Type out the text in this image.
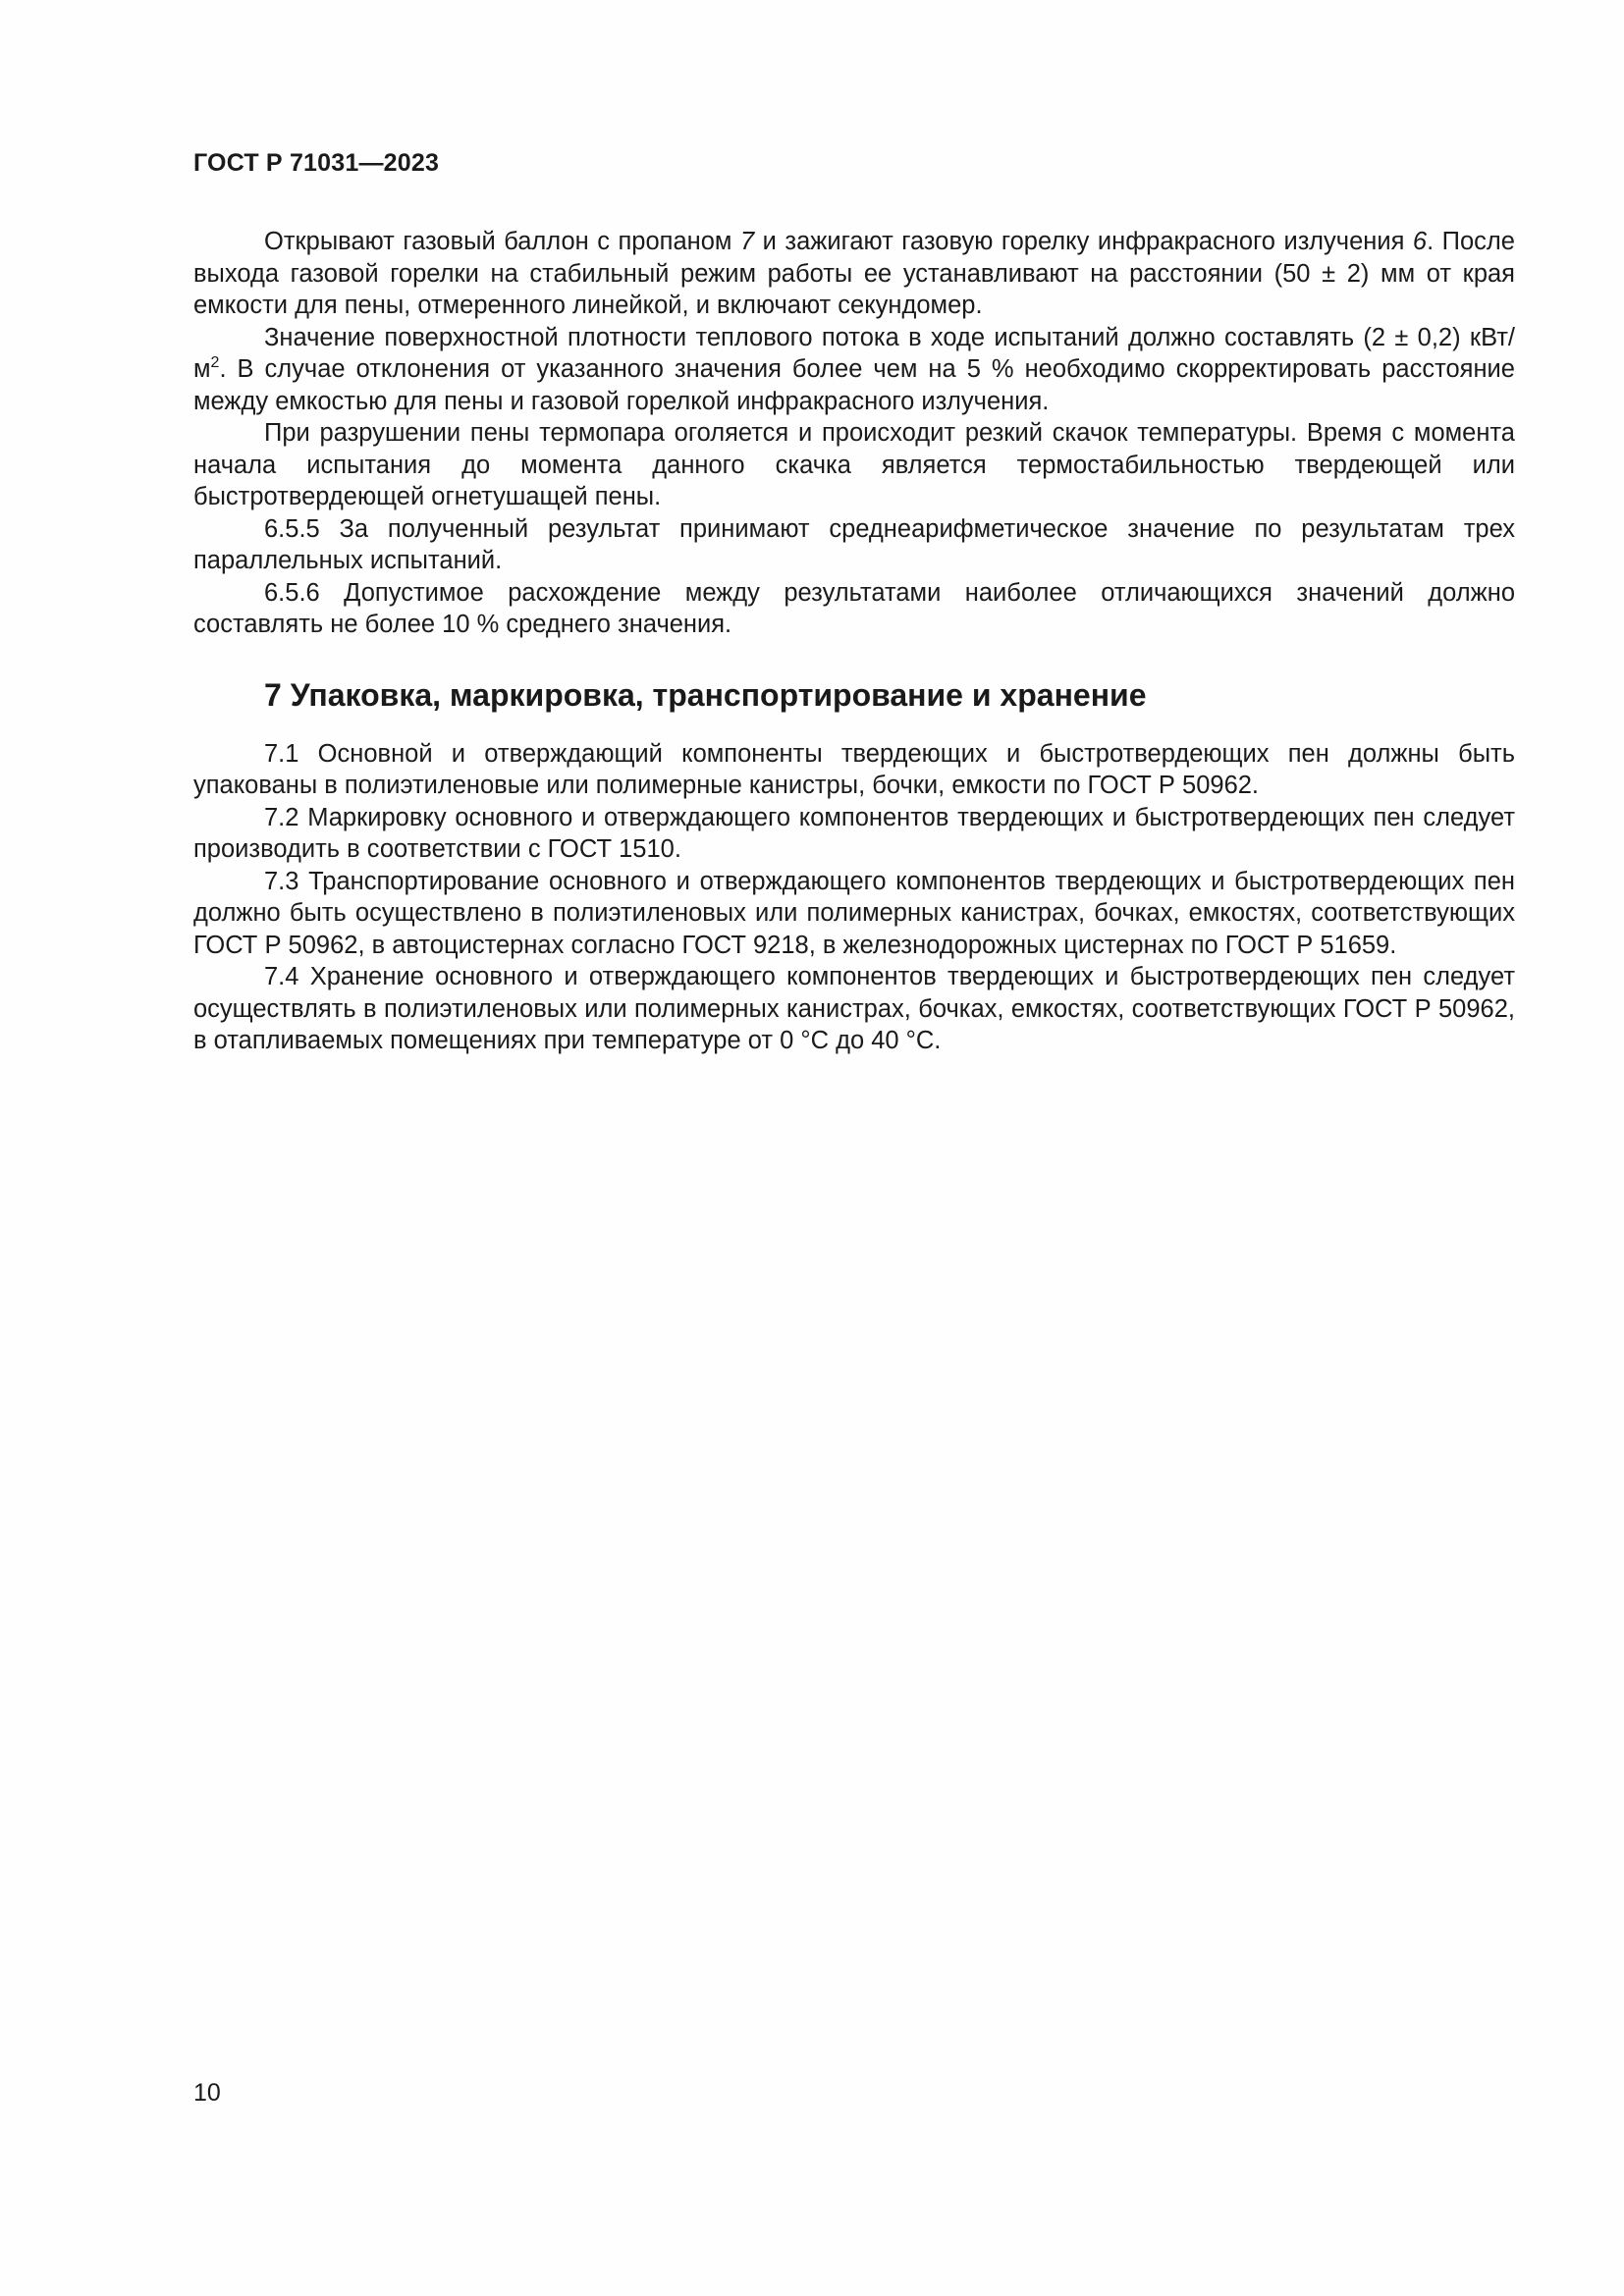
ГОСТ Р 71031—2023

Открывают газовый баллон с пропаном 7 и зажигают газовую горелку инфракрасного излучения 6. После выхода газовой горелки на стабильный режим работы ее устанавливают на расстоянии (50 ± 2) мм от края емкости для пены, отмеренного линейкой, и включают секундомер.

Значение поверхностной плотности теплового потока в ходе испытаний должно составлять (2 ± 0,2) кВт/$м^2$. В случае отклонения от указанного значения более чем на 5 % необходимо скорректировать расстояние между емкостью для пены и газовой горелкой инфракрасного излучения.

При разрушении пены термопара оголяется и происходит резкий скачок температуры. Время с момента начала испытания до момента данного скачка является термостабильностью твердеющей или быстротвердеющей огнетушащей пены.

6.5.5 За полученный результат принимают среднеарифметическое значение по результатам трех параллельных испытаний.

6.5.6 Допустимое расхождение между результатами наиболее отличающихся значений должно составлять не более 10 % среднего значения.

7 Упаковка, маркировка, транспортирование и хранение

7.1 Основной и отверждающий компоненты твердеющих и быстротвердеющих пен должны быть упакованы в полиэтиленовые или полимерные канистры, бочки, емкости по ГОСТ Р 50962.

7.2 Маркировку основного и отверждающего компонентов твердеющих и быстротвердеющих пен следует производить в соответствии с ГОСТ 1510.

7.3 Транспортирование основного и отверждающего компонентов твердеющих и быстротвердеющих пен должно быть осуществлено в полиэтиленовых или полимерных канистрах, бочках, емкостях, соответствующих ГОСТ Р 50962, в автоцистернах согласно ГОСТ 9218, в железнодорожных цистернах по ГОСТ Р 51659.

7.4 Хранение основного и отверждающего компонентов твердеющих и быстротвердеющих пен следует осуществлять в полиэтиленовых или полимерных канистрах, бочках, емкостях, соответствующих ГОСТ Р 50962, в отапливаемых помещениях при температуре от 0 °С до 40 °С.

10
